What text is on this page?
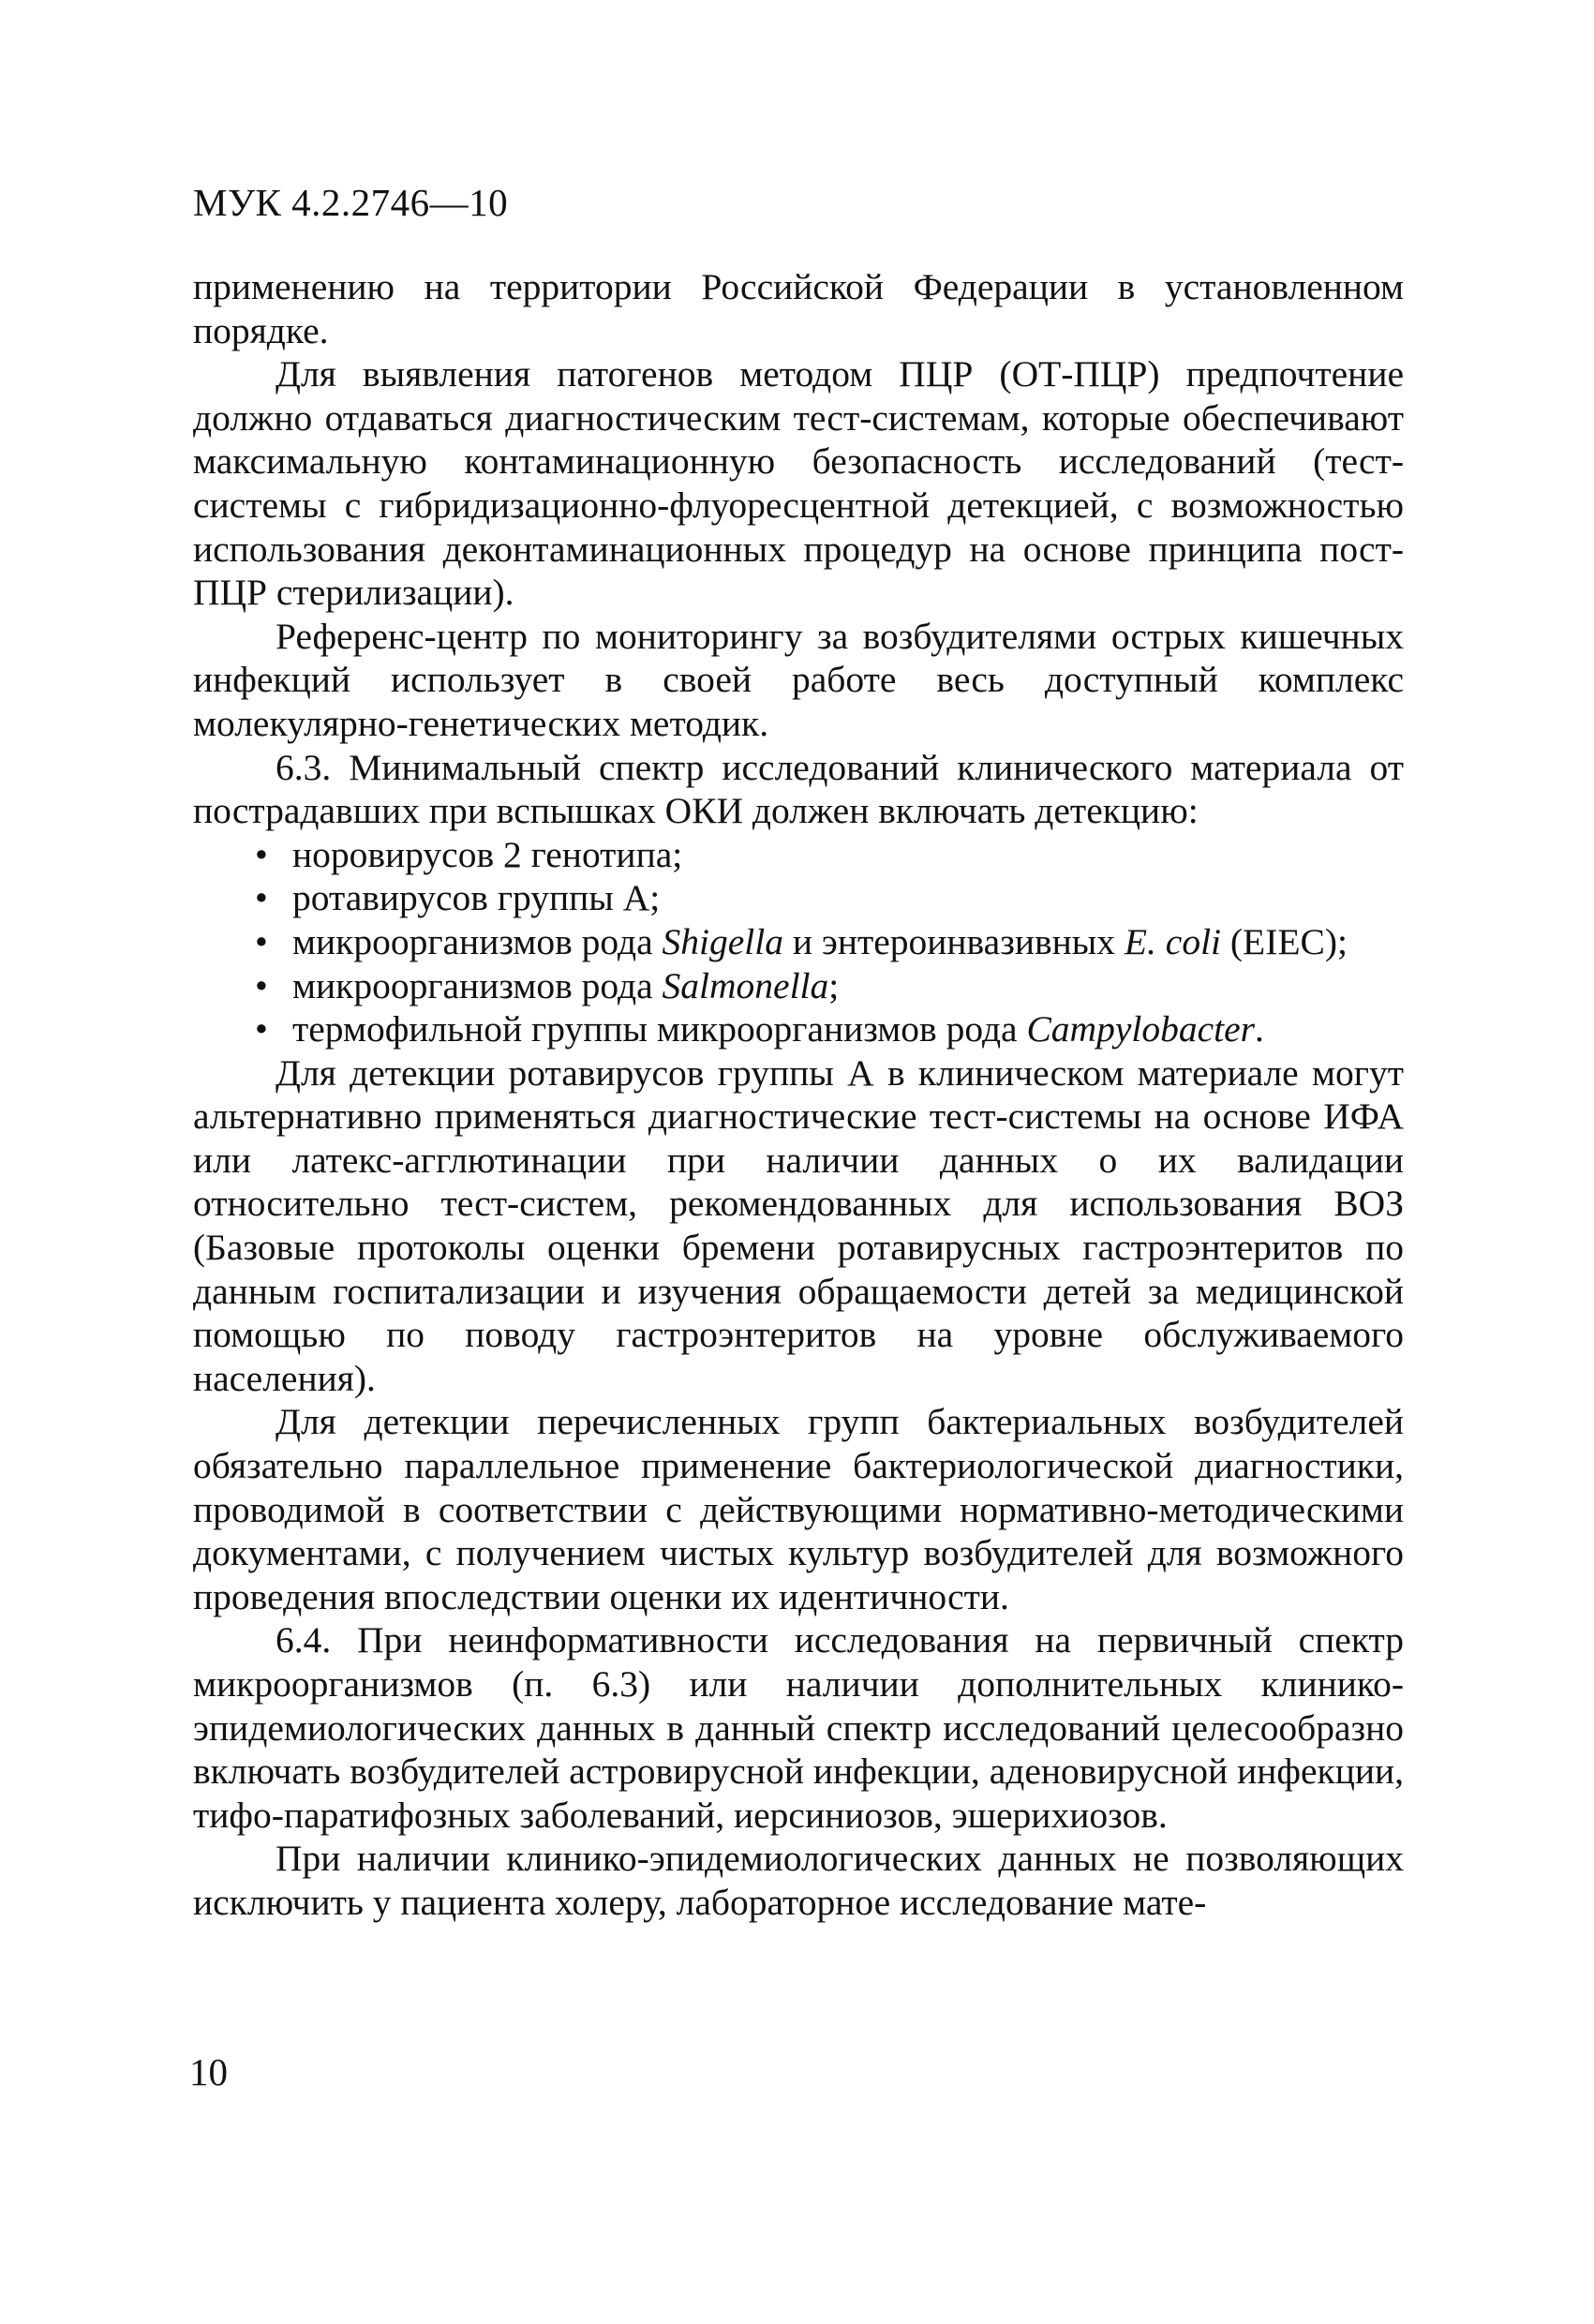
МУК 4.2.2746—10

применению на территории Российской Федерации в установленном порядке.

Для выявления патогенов методом ПЦР (ОТ-ПЦР) предпочтение должно отдаваться диагностическим тест-системам, которые обеспечивают максимальную контаминационную безопасность исследований (тест-системы с гибридизационно-флуоресцентной детекцией, с возможностью использования деконтаминационных процедур на основе принципа пост-ПЦР стерилизации).

Референс-центр по мониторингу за возбудителями острых кишечных инфекций использует в своей работе весь доступный комплекс молекулярно-генетических методик.

6.3. Минимальный спектр исследований клинического материала от пострадавших при вспышках ОКИ должен включать детекцию:

• норовирусов 2 генотипа;
• ротавирусов группы А;
• микроорганизмов рода Shigella и энтероинвазивных E. coli (EIEC);
• микроорганизмов рода Salmonella;
• термофильной группы микроорганизмов рода Campylobacter.

Для детекции ротавирусов группы А в клиническом материале могут альтернативно применяться диагностические тест-системы на основе ИФА или латекс-агглютинации при наличии данных о их валидации относительно тест-систем, рекомендованных для использования ВОЗ (Базовые протоколы оценки бремени ротавирусных гастроэнтеритов по данным госпитализации и изучения обращаемости детей за медицинской помощью по поводу гастроэнтеритов на уровне обслуживаемого населения).

Для детекции перечисленных групп бактериальных возбудителей обязательно параллельное применение бактериологической диагностики, проводимой в соответствии с действующими нормативно-методическими документами, с получением чистых культур возбудителей для возможного проведения впоследствии оценки их идентичности.

6.4. При неинформативности исследования на первичный спектр микроорганизмов (п. 6.3) или наличии дополнительных клинико-эпидемиологических данных в данный спектр исследований целесообразно включать возбудителей астровирусной инфекции, аденовирусной инфекции, тифо-паратифозных заболеваний, иерсиниозов, эшерихиозов.

При наличии клинико-эпидемиологических данных не позволяющих исключить у пациента холеру, лабораторное исследование мате-

10
